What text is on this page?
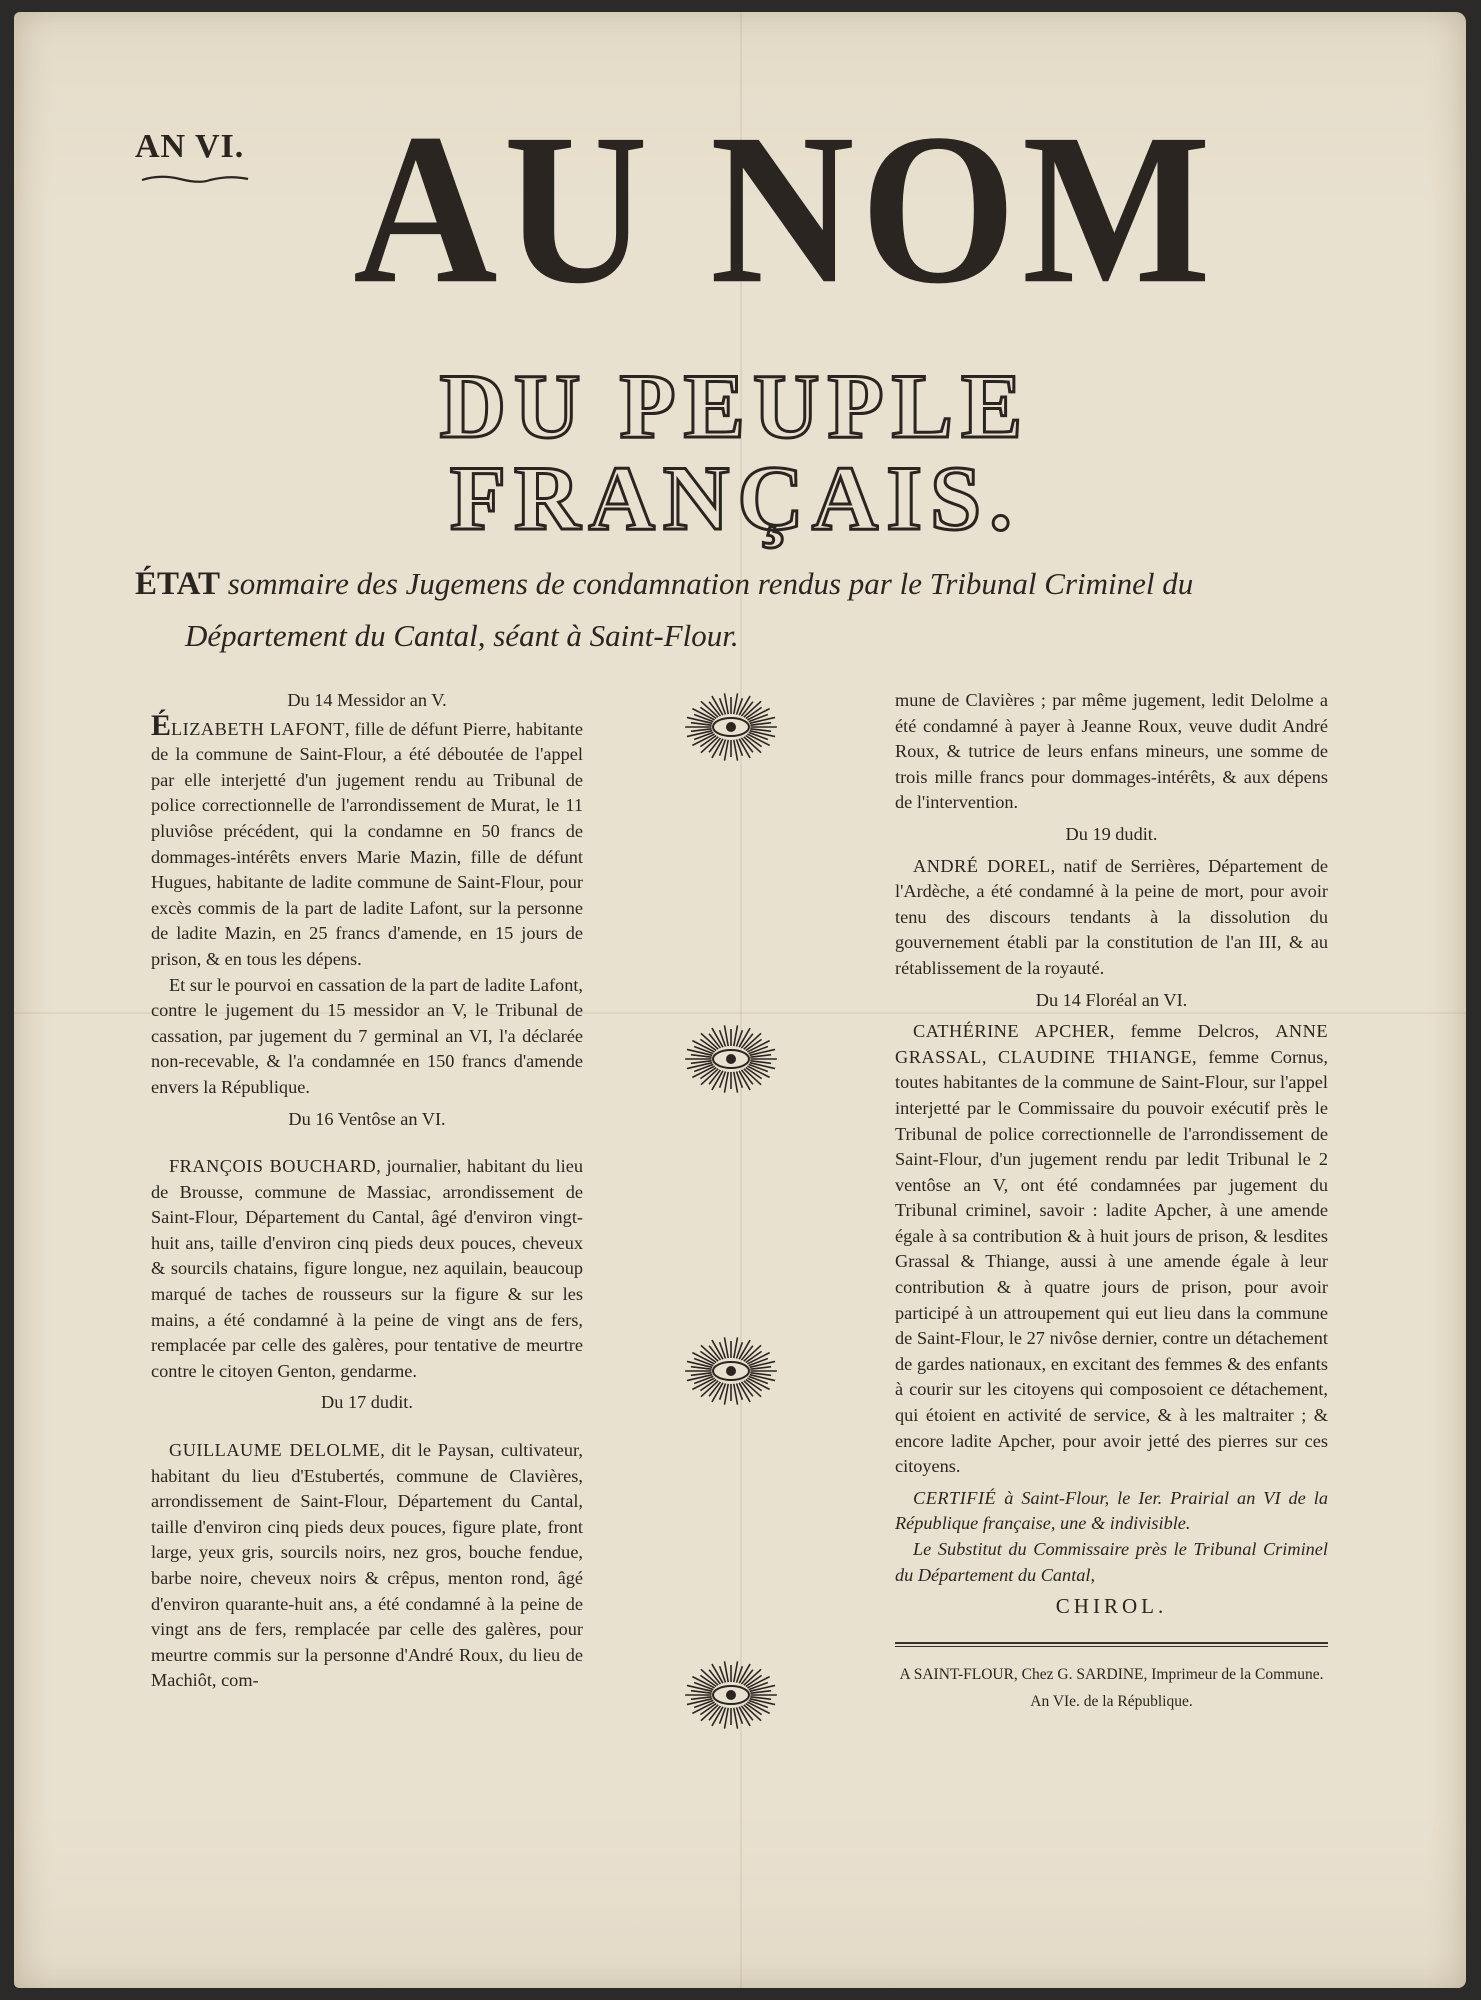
AN VI. AU NOM
DU PEUPLE FRANÇAIS.
ÉTAT sommaire des Jugemens de condamnation rendus par le Tribunal Criminel du
Département du Cantal, séant à Saint-Flour.

Du 14 Messidor an V.

ÉLIZABETH LAFONT, fille de défunt Pierre, habitante de la commune de Saint-Flour, a été déboutée de l'appel par elle interjetté d'un jugement rendu au Tribunal de police correctionnelle de l'arrondissement de Murat, le 11 pluviôse précédent, qui la condamne en 50 francs de dommages-intérêts envers Marie Mazin, fille de défunt Hugues, habitante de ladite commune de Saint-Flour, pour excès commis de la part de ladite Lafont, sur la personne de ladite Mazin, en 25 francs d'amende, en 15 jours de prison, & en tous les dépens.

Et sur le pourvoi en cassation de la part de ladite Lafont, contre le jugement du 15 messidor an V, le Tribunal de cassation, par jugement du 7 germinal an VI, l'a déclarée non-recevable, & l'a condamnée en 150 francs d'amende envers la République.

Du 16 Ventôse an VI.

FRANÇOIS BOUCHARD, journalier, habitant du lieu de Brousse, commune de Massiac, arrondissement de Saint-Flour, Département du Cantal, âgé d'environ vingt-huit ans, taille d'environ cinq pieds deux pouces, cheveux & sourcils chatains, figure longue, nez aquilain, beaucoup marqué de taches de rousseurs sur la figure & sur les mains, a été condamné à la peine de vingt ans de fers, remplacée par celle des galères, pour tentative de meurtre contre le citoyen Genton, gendarme.

Du 17 dudit.

GUILLAUME DELOLME, dit le Paysan, cultivateur, habitant du lieu d'Estubertés, commune de Clavières, arrondissement de Saint-Flour, Département du Cantal, taille d'environ cinq pieds deux pouces, figure plate, front large, yeux gris, sourcils noirs, nez gros, bouche fendue, barbe noire, cheveux noirs & crêpus, menton rond, âgé d'environ quarante-huit ans, a été condamné à la peine de vingt ans de fers, remplacée par celle des galères, pour meurtre commis sur la personne d'André Roux, du lieu de Machiôt, com-

mune de Clavières ; par même jugement, ledit Delolme a été condamné à payer à Jeanne Roux, veuve dudit André Roux, & tutrice de leurs enfans mineurs, une somme de trois mille francs pour dommages-intérêts, & aux dépens de l'intervention.

Du 19 dudit.

ANDRÉ DOREL, natif de Serrières, Département de l'Ardèche, a été condamné à la peine de mort, pour avoir tenu des discours tendants à la dissolution du gouvernement établi par la constitution de l'an III, & au rétablissement de la royauté.

Du 14 Floréal an VI.

CATHÉRINE APCHER, femme Delcros, ANNE GRASSAL, CLAUDINE THIANGE, femme Cornus, toutes habitantes de la commune de Saint-Flour, sur l'appel interjetté par le Commissaire du pouvoir exécutif près le Tribunal de police correctionnelle de l'arrondissement de Saint-Flour, d'un jugement rendu par ledit Tribunal le 2 ventôse an V, ont été condamnées par jugement du Tribunal criminel, savoir : ladite Apcher, à une amende égale à sa contribution & à huit jours de prison, & lesdites Grassal & Thiange, aussi à une amende égale à leur contribution & à quatre jours de prison, pour avoir participé à un attroupement qui eut lieu dans la commune de Saint-Flour, le 27 nivôse dernier, contre un détachement de gardes nationaux, en excitant des femmes & des enfants à courir sur les citoyens qui composoient ce détachement, qui étoient en activité de service, & à les maltraiter ; & encore ladite Apcher, pour avoir jetté des pierres sur ces citoyens.

CERTIFIÉ à Saint-Flour, le Ier. Prairial an VI de la République française, une & indivisible.

Le Substitut du Commissaire près le Tribunal Criminel du Département du Cantal,

CHIROL.

A SAINT-FLOUR, Chez G. SARDINE, Imprimeur de la Commune. An VIe. de la République.
